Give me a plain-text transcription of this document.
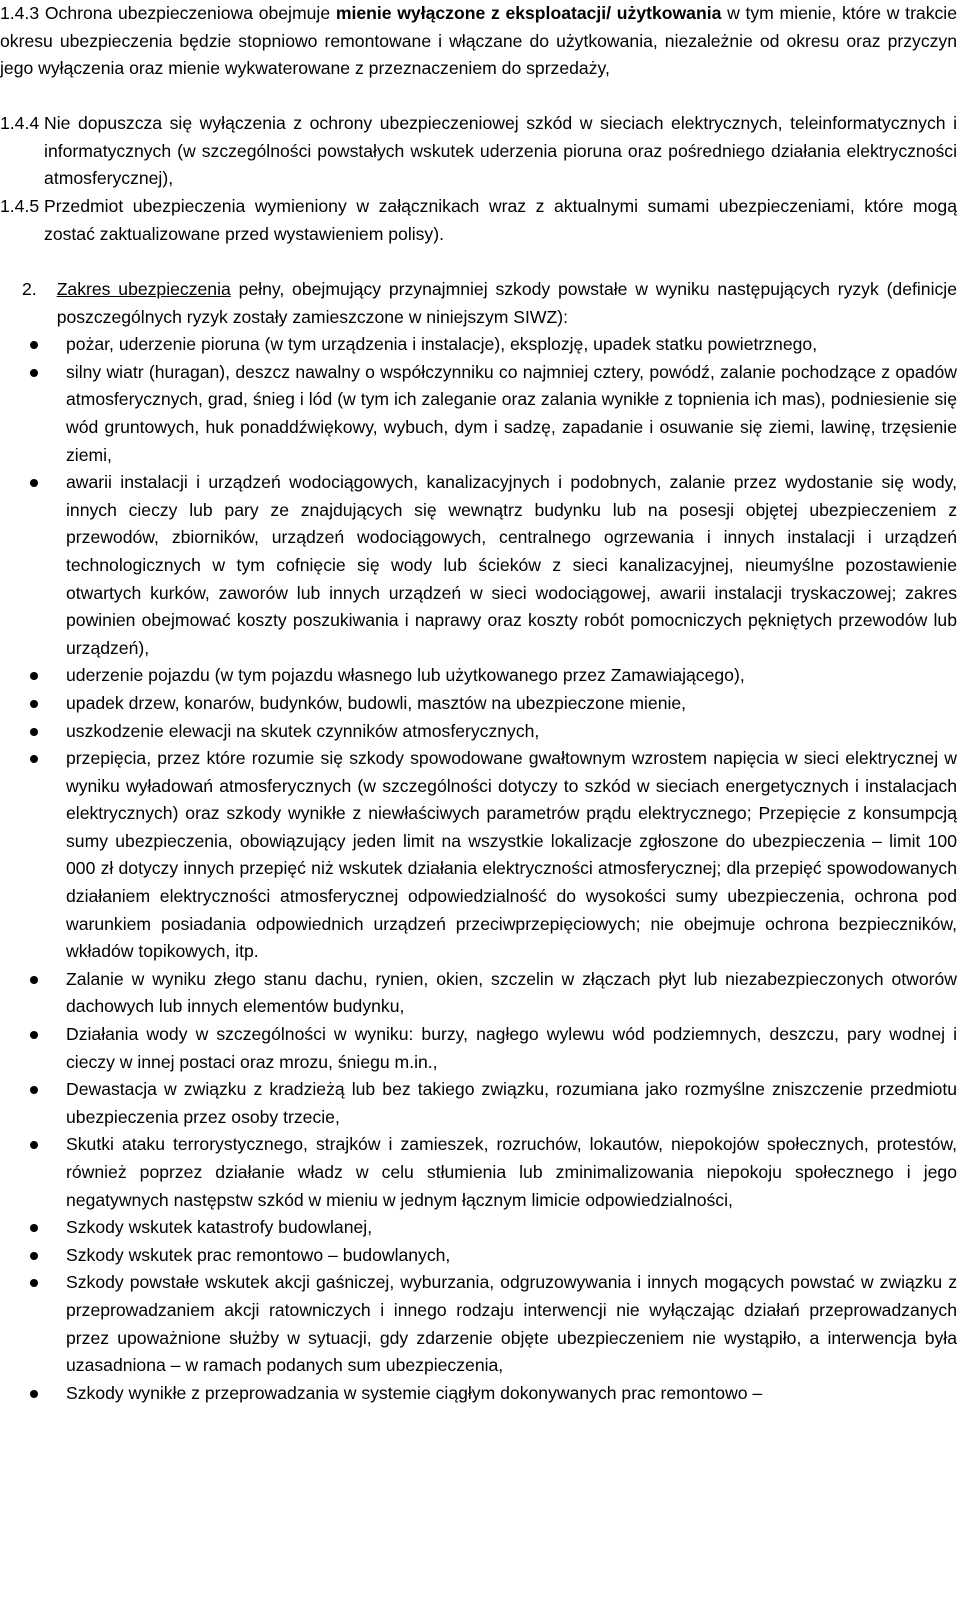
1.4.3 Ochrona ubezpieczeniowa obejmuje mienie wyłączone z eksploatacji/ użytkowania w tym mienie, które w trakcie okresu ubezpieczenia będzie stopniowo remontowane i włączane do użytkowania, niezależnie od okresu oraz przyczyn jego wyłączenia oraz mienie wykwaterowane z przeznaczeniem do sprzedaży,
1.4.4
Nie dopuszcza się wyłączenia z ochrony ubezpieczeniowej szkód w sieciach elektrycznych, teleinformatycznych i informatycznych (w szczególności powstałych wskutek uderzenia pioruna oraz pośredniego działania elektryczności atmosferycznej),
1.4.5
Przedmiot ubezpieczenia wymieniony w załącznikach wraz z aktualnymi sumami ubezpieczeniami, które mogą zostać zaktualizowane przed wystawieniem polisy).
2.	Zakres ubezpieczenia pełny, obejmujący przynajmniej szkody powstałe w wyniku następujących ryzyk (definicje poszczególnych ryzyk zostały zamieszczone w niniejszym SIWZ):
pożar, uderzenie pioruna (w tym urządzenia i instalacje), eksplozję, upadek statku powietrznego,
silny wiatr (huragan), deszcz nawalny o współczynniku co najmniej cztery, powódź, zalanie pochodzące z opadów atmosferycznych, grad, śnieg i lód (w tym ich zaleganie oraz zalania wynikłe z topnienia ich mas), podniesienie się wód gruntowych, huk ponaddźwiękowy, wybuch, dym i sadzę, zapadanie i osuwanie się ziemi, lawinę, trzęsienie ziemi,
awarii instalacji i urządzeń wodociągowych, kanalizacyjnych i podobnych, zalanie przez wydostanie się wody, innych cieczy lub pary ze znajdujących się wewnątrz budynku lub na posesji objętej ubezpieczeniem z przewodów, zbiorników, urządzeń wodociągowych, centralnego ogrzewania i innych instalacji i urządzeń technologicznych w tym cofnięcie się wody lub ścieków z sieci kanalizacyjnej, nieumyślne pozostawienie otwartych kurków, zaworów lub innych urządzeń w sieci wodociągowej, awarii instalacji tryskaczowej; zakres powinien obejmować koszty poszukiwania i naprawy oraz koszty robót pomocniczych pękniętych przewodów lub urządzeń),
uderzenie pojazdu (w tym pojazdu własnego lub użytkowanego przez Zamawiającego),
upadek drzew, konarów, budynków, budowli, masztów na ubezpieczone mienie,
uszkodzenie elewacji na skutek czynników atmosferycznych,
przepięcia, przez które rozumie się szkody spowodowane gwałtownym wzrostem napięcia w sieci elektrycznej w wyniku wyładowań atmosferycznych (w szczególności dotyczy to szkód w sieciach energetycznych i instalacjach elektrycznych) oraz szkody wynikłe z niewłaściwych parametrów prądu elektrycznego; Przepięcie z konsumpcją sumy ubezpieczenia, obowiązujący jeden limit na wszystkie lokalizacje zgłoszone do ubezpieczenia – limit 100 000 zł dotyczy innych przepięć niż wskutek działania elektryczności atmosferycznej; dla przepięć spowodowanych działaniem elektryczności atmosferycznej odpowiedzialność do wysokości sumy ubezpieczenia, ochrona pod warunkiem posiadania odpowiednich urządzeń przeciwprzepięciowych; nie obejmuje ochrona bezpieczników, wkładów topikowych, itp.
Zalanie w wyniku złego stanu dachu, rynien, okien, szczelin w złączach płyt lub niezabezpieczonych otworów dachowych lub innych elementów budynku,
Działania wody w szczególności w wyniku: burzy, nagłego wylewu wód podziemnych, deszczu, pary wodnej i cieczy w innej postaci oraz mrozu, śniegu m.in.,
Dewastacja w związku z kradzieżą lub bez takiego związku, rozumiana jako rozmyślne zniszczenie przedmiotu ubezpieczenia przez osoby trzecie,
Skutki ataku terrorystycznego, strajków i zamieszek, rozruchów, lokautów, niepokojów społecznych, protestów, również poprzez działanie władz w celu stłumienia lub zminimalizowania niepokoju społecznego i jego negatywnych następstw szkód w mieniu w jednym łącznym limicie odpowiedzialności,
Szkody wskutek katastrofy budowlanej,
Szkody wskutek prac remontowo – budowlanych,
Szkody powstałe wskutek akcji gaśniczej, wyburzania, odgruzowywania i innych mogących powstać w związku z przeprowadzaniem akcji ratowniczych i innego rodzaju interwencji nie wyłączając działań przeprowadzanych przez upoważnione służby w sytuacji, gdy zdarzenie objęte ubezpieczeniem nie wystąpiło, a interwencja była uzasadniona – w ramach podanych sum ubezpieczenia,
Szkody wynikłe z przeprowadzania w systemie ciągłym dokonywanych prac remontowo –
